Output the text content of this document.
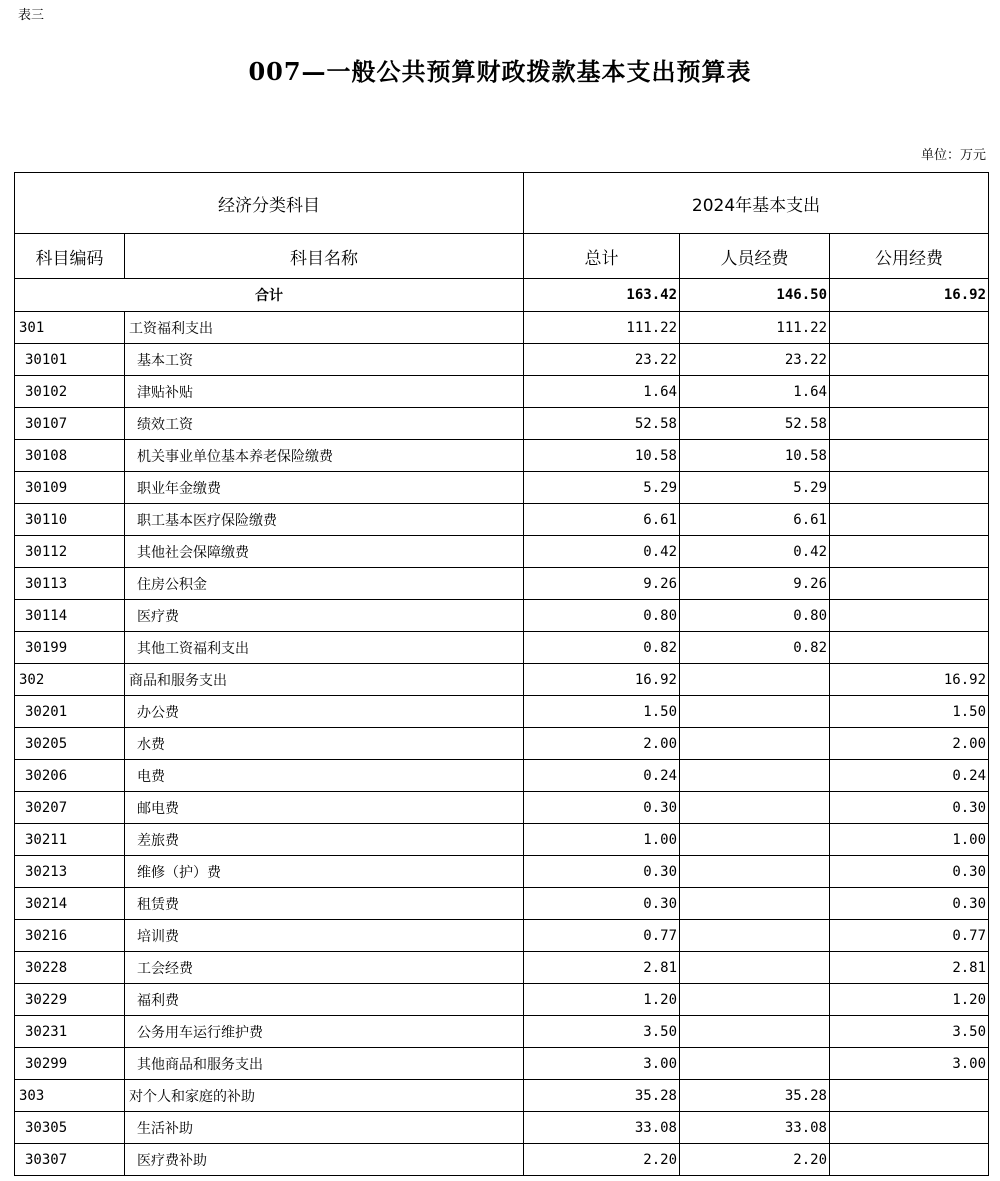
表三
007—一般公共预算财政拨款基本支出预算表
单位：万元
经济分类科目		2024年基本支出		
科目编码	科目名称	总计	人员经费	公用经费
合计		163.42	146.50	16.92
301	工资福利支出	111.22	111.22	
30101	基本工资	23.22	23.22	
30102	津贴补贴	1.64	1.64	
30107	绩效工资	52.58	52.58	
30108	机关事业单位基本养老保险缴费	10.58	10.58	
30109	职业年金缴费	5.29	5.29	
30110	职工基本医疗保险缴费	6.61	6.61	
30112	其他社会保障缴费	0.42	0.42	
30113	住房公积金	9.26	9.26	
30114	医疗费	0.80	0.80	
30199	其他工资福利支出	0.82	0.82	
302	商品和服务支出	16.92		16.92
30201	办公费	1.50		1.50
30205	水费	2.00		2.00
30206	电费	0.24		0.24
30207	邮电费	0.30		0.30
30211	差旅费	1.00		1.00
30213	维修（护）费	0.30		0.30
30214	租赁费	0.30		0.30
30216	培训费	0.77		0.77
30228	工会经费	2.81		2.81
30229	福利费	1.20		1.20
30231	公务用车运行维护费	3.50		3.50
30299	其他商品和服务支出	3.00		3.00
303	对个人和家庭的补助	35.28	35.28	
30305	生活补助	33.08	33.08	
30307	医疗费补助	2.20	2.20	
